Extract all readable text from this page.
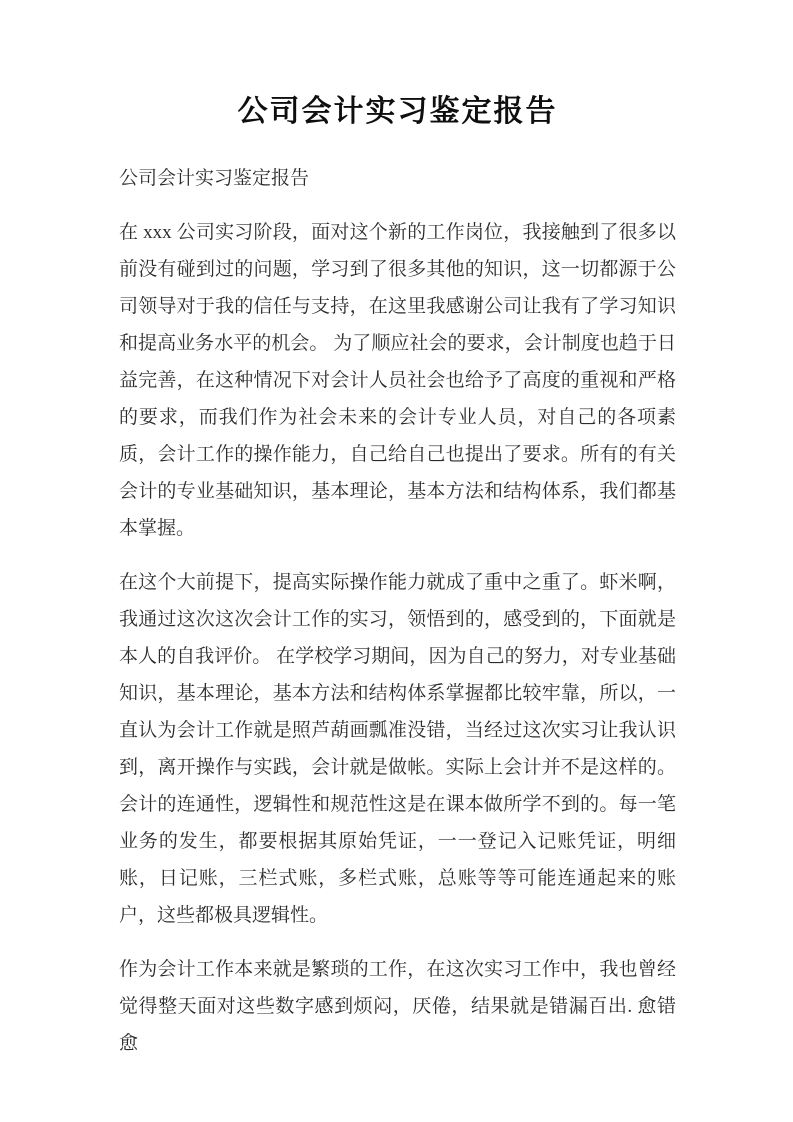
公司会计实习鉴定报告

公司会计实习鉴定报告

在 xxx 公司实习阶段，面对这个新的工作岗位，我接触到了很多以前没有碰到过的问题，学习到了很多其他的知识，这一切都源于公司领导对于我的信任与支持，在这里我感谢公司让我有了学习知识和提高业务水平的机会。 为了顺应社会的要求，会计制度也趋于日益完善，在这种情况下对会计人员社会也给予了高度的重视和严格的要求，而我们作为社会未来的会计专业人员，对自己的各项素质，会计工作的操作能力，自己给自己也提出了要求。所有的有关会计的专业基础知识，基本理论，基本方法和结构体系，我们都基本掌握。

在这个大前提下，提高实际操作能力就成了重中之重了。虾米啊，我通过这次这次会计工作的实习，领悟到的，感受到的，下面就是本人的自我评价。 在学校学习期间，因为自己的努力，对专业基础知识，基本理论，基本方法和结构体系掌握都比较牢靠，所以，一直认为会计工作就是照芦葫画瓢准没错，当经过这次实习让我认识到，离开操作与实践，会计就是做帐。实际上会计并不是这样的。会计的连通性，逻辑性和规范性这是在课本做所学不到的。每一笔业务的发生，都要根据其原始凭证，一一登记入记账凭证，明细账，日记账，三栏式账，多栏式账，总账等等可能连通起来的账户，这些都极具逻辑性。

作为会计工作本来就是繁琐的工作，在这次实习工作中，我也曾经觉得整天面对这些数字感到烦闷，厌倦，结果就是错漏百出. 愈错愈
